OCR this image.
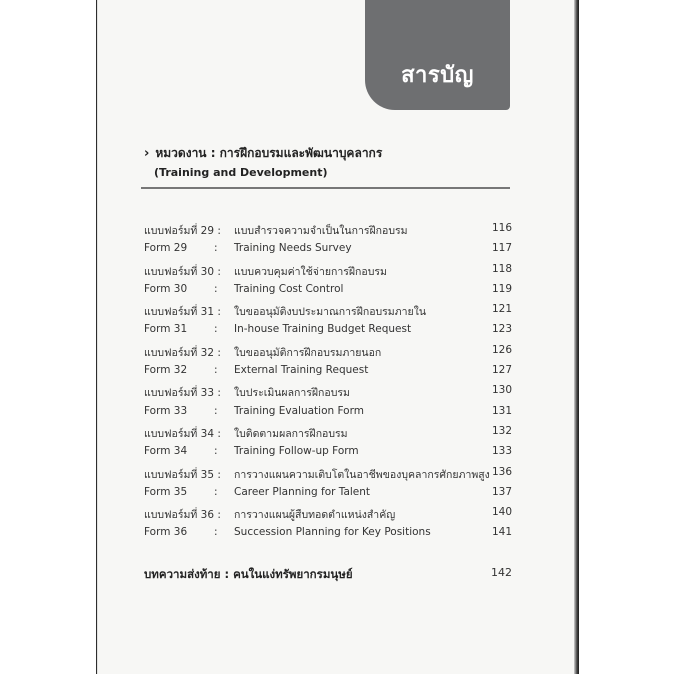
สารบัญ
› หมวดงาน : การฝึกอบรมและพัฒนาบุคลากร
(Training and Development)
แบบฟอร์มที่ 29 : แบบสำรวจความจำเป็นในการฝึกอบรม	116
Form 29	: Training Needs Survey	117
แบบฟอร์มที่ 30 : แบบควบคุมค่าใช้จ่ายการฝึกอบรม	118
Form 30	: Training Cost Control	119
แบบฟอร์มที่ 31 : ใบขออนุมัติงบประมาณการฝึกอบรมภายใน	121
Form 31	: In-house Training Budget Request	123
แบบฟอร์มที่ 32 : ใบขออนุมัติการฝึกอบรมภายนอก	126
Form 32	: External Training Request	127
แบบฟอร์มที่ 33 : ใบประเมินผลการฝึกอบรม	130
Form 33	: Training Evaluation Form	131
แบบฟอร์มที่ 34 : ใบติดตามผลการฝึกอบรม	132
Form 34	: Training Follow-up Form	133
แบบฟอร์มที่ 35 : การวางแผนความเติบโตในอาชีพของบุคลากรศักยภาพสูง 136
Form 35	: Career Planning for Talent	137
แบบฟอร์มที่ 36 : การวางแผนผู้สืบทอดตำแหน่งสำคัญ	140
Form 36	: Succession Planning for Key Positions	141
บทความส่งท้าย : คนในแง่ทรัพยากรมนุษย์	142
